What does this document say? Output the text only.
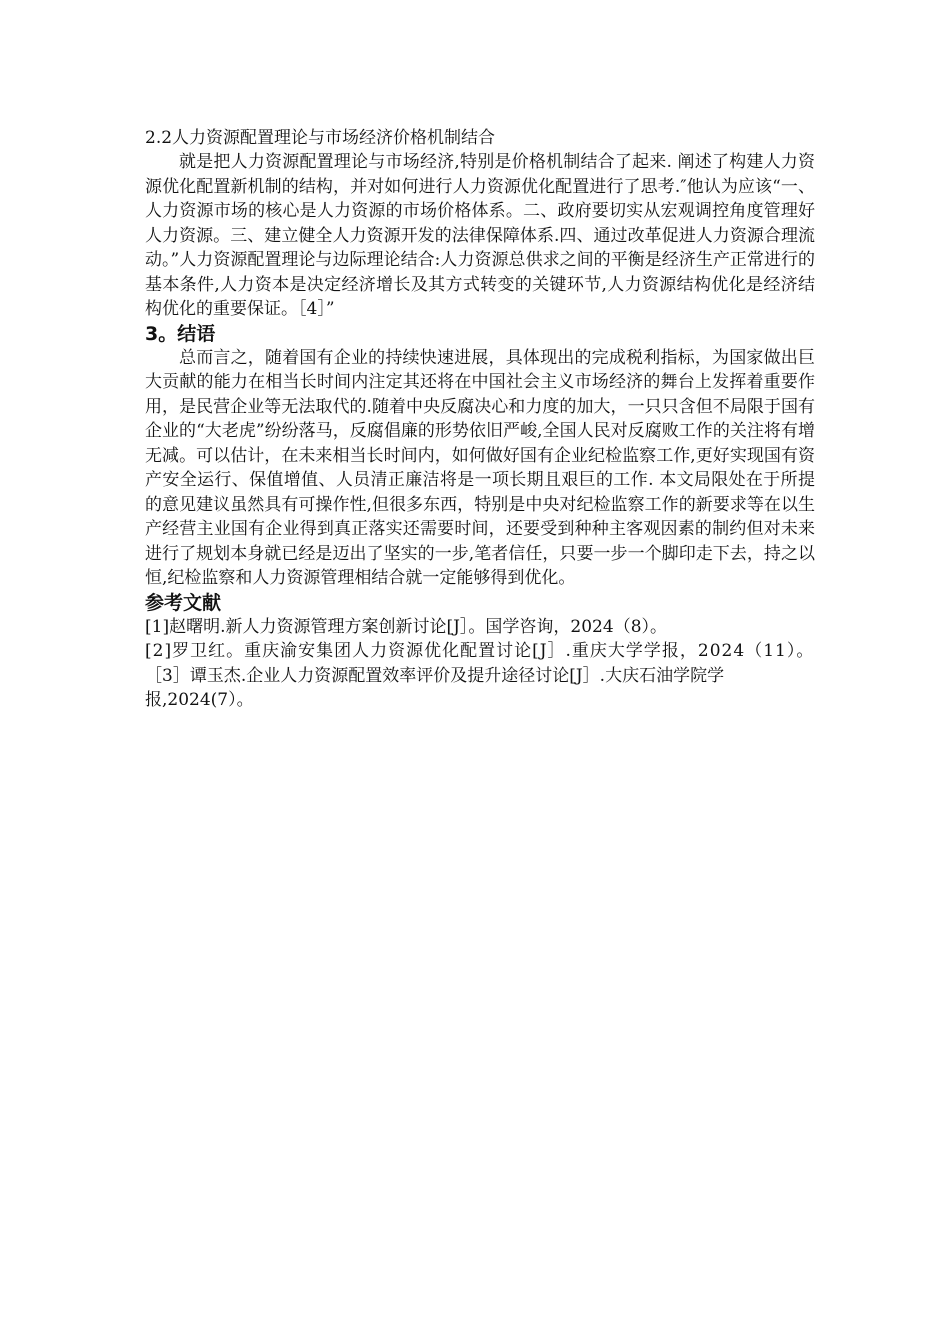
2.2人力资源配置理论与市场经济价格机制结合

就是把人力资源配置理论与市场经济,特别是价格机制结合了起来. 阐述了构建人力资源优化配置新机制的结构，并对如何进行人力资源优化配置进行了思考.″他认为应该“一、人力资源市场的核心是人力资源的市场价格体系。二、政府要切实从宏观调控角度管理好人力资源。三、建立健全人力资源开发的法律保障体系.四、通过改革促进人力资源合理流动。”人力资源配置理论与边际理论结合:人力资源总供求之间的平衡是经济生产正常进行的基本条件,人力资本是决定经济增长及其方式转变的关键环节,人力资源结构优化是经济结构优化的重要保证。［4］”

3。结语

总而言之，随着国有企业的持续快速进展，具体现出的完成税利指标，为国家做出巨大贡献的能力在相当长时间内注定其还将在中国社会主义市场经济的舞台上发挥着重要作用，是民营企业等无法取代的.随着中央反腐决心和力度的加大，一只只含但不局限于国有企业的“大老虎”纷纷落马，反腐倡廉的形势依旧严峻,全国人民对反腐败工作的关注将有增无减。可以估计，在未来相当长时间内，如何做好国有企业纪检监察工作,更好实现国有资产安全运行、保值增值、人员清正廉洁将是一项长期且艰巨的工作. 本文局限处在于所提的意见建议虽然具有可操作性,但很多东西，特别是中央对纪检监察工作的新要求等在以生产经营主业国有企业得到真正落实还需要时间，还要受到种种主客观因素的制约但对未来进行了规划本身就已经是迈出了坚实的一步,笔者信任，只要一步一个脚印走下去，持之以恒,纪检监察和人力资源管理相结合就一定能够得到优化。

参考文献

[1]赵曙明.新人力资源管理方案创新讨论[J］。国学咨询，2024（8）。

[2]罗卫红。重庆渝安集团人力资源优化配置讨论[J］.重庆大学学报，2024（11）。

［3］谭玉杰.企业人力资源配置效率评价及提升途径讨论[J］.大庆石油学院学报,2024(7）。
